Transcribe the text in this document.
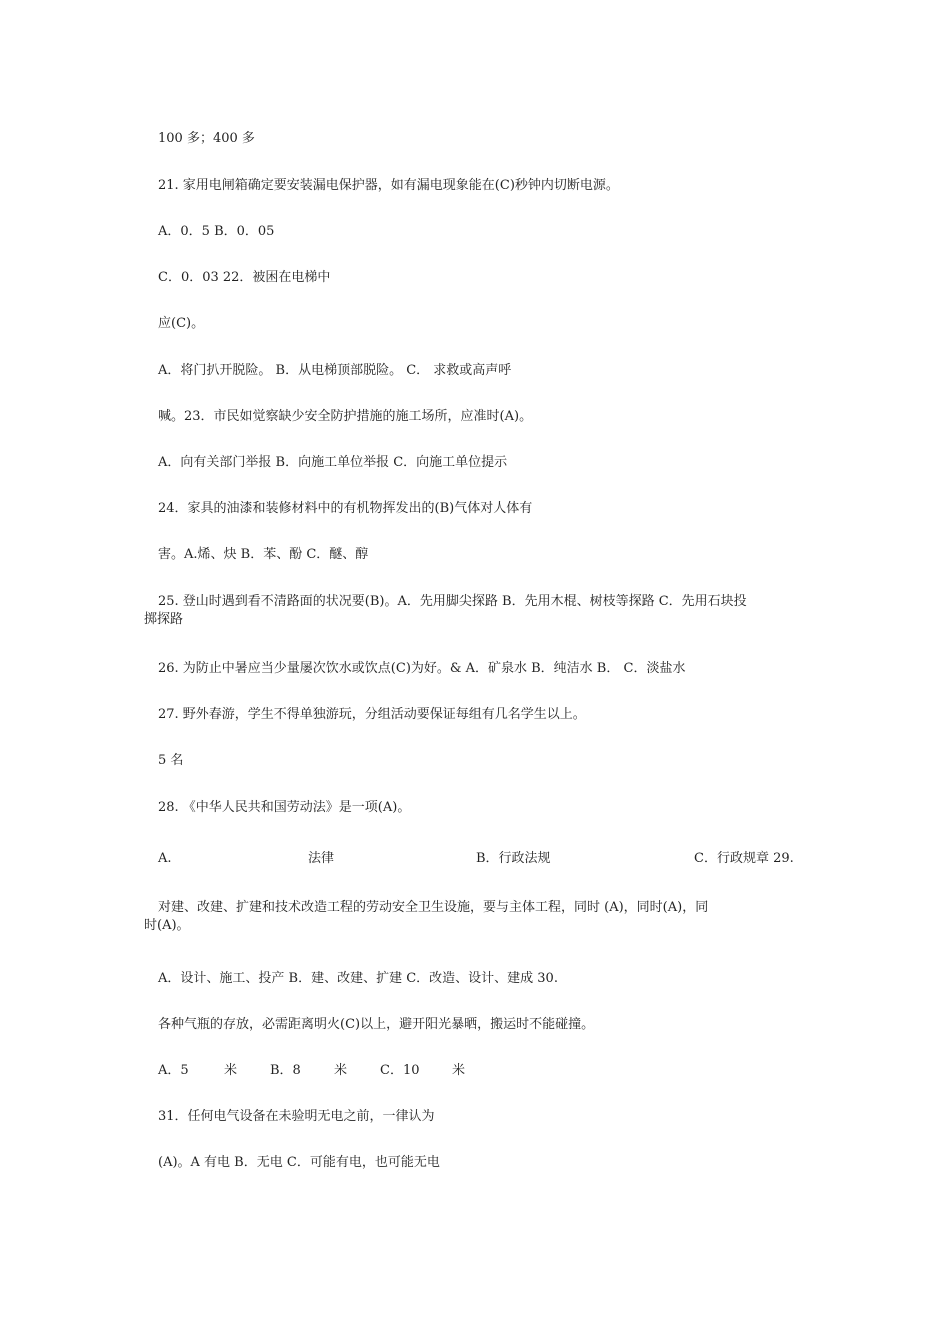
100 多；400 多
21. 家用电闸箱确定要安装漏电保护器，如有漏电现象能在(C)秒钟内切断电源。
A．0．5 B．0．05
C．0．03 22．被困在电梯中
应(C)。
A．将门扒开脱险。 B．从电梯顶部脱险。 C． 求救或高声呼
喊。23．市民如觉察缺少安全防护措施的施工场所，应准时(A)。
A．向有关部门举报 B．向施工单位举报 C．向施工单位提示
24．家具的油漆和装修材料中的有机物挥发出的(B)气体对人体有
害。A.烯、炔 B．苯、酚 C．醚、醇
25. 登山时遇到看不清路面的状况要(B)。A．先用脚尖探路 B．先用木棍、树枝等探路 C．先用石块投
掷探路
26. 为防止中暑应当少量屡次饮水或饮点(C)为好。& A．矿泉水 B．纯洁水 B． C．淡盐水
27. 野外春游，学生不得单独游玩，分组活动要保证每组有几名学生以上。
5 名
28. 《中华人民共和国劳动法》是一项(A)。
A.	法律	B．行政法规	C．行政规章 29.
对建、改建、扩建和技术改造工程的劳动安全卫生设施，要与主体工程，同时 (A)，同时(A)，同
时(A)。
A．设计、施工、投产 B．建、改建、扩建 C．改造、设计、建成 30.
各种气瓶的存放，必需距离明火(C)以上，避开阳光暴晒，搬运时不能碰撞。
A．5	米	B．8	米	C．10	米
31．任何电气设备在未验明无电之前，一律认为
(A)。A 有电 B．无电 C．可能有电，也可能无电
